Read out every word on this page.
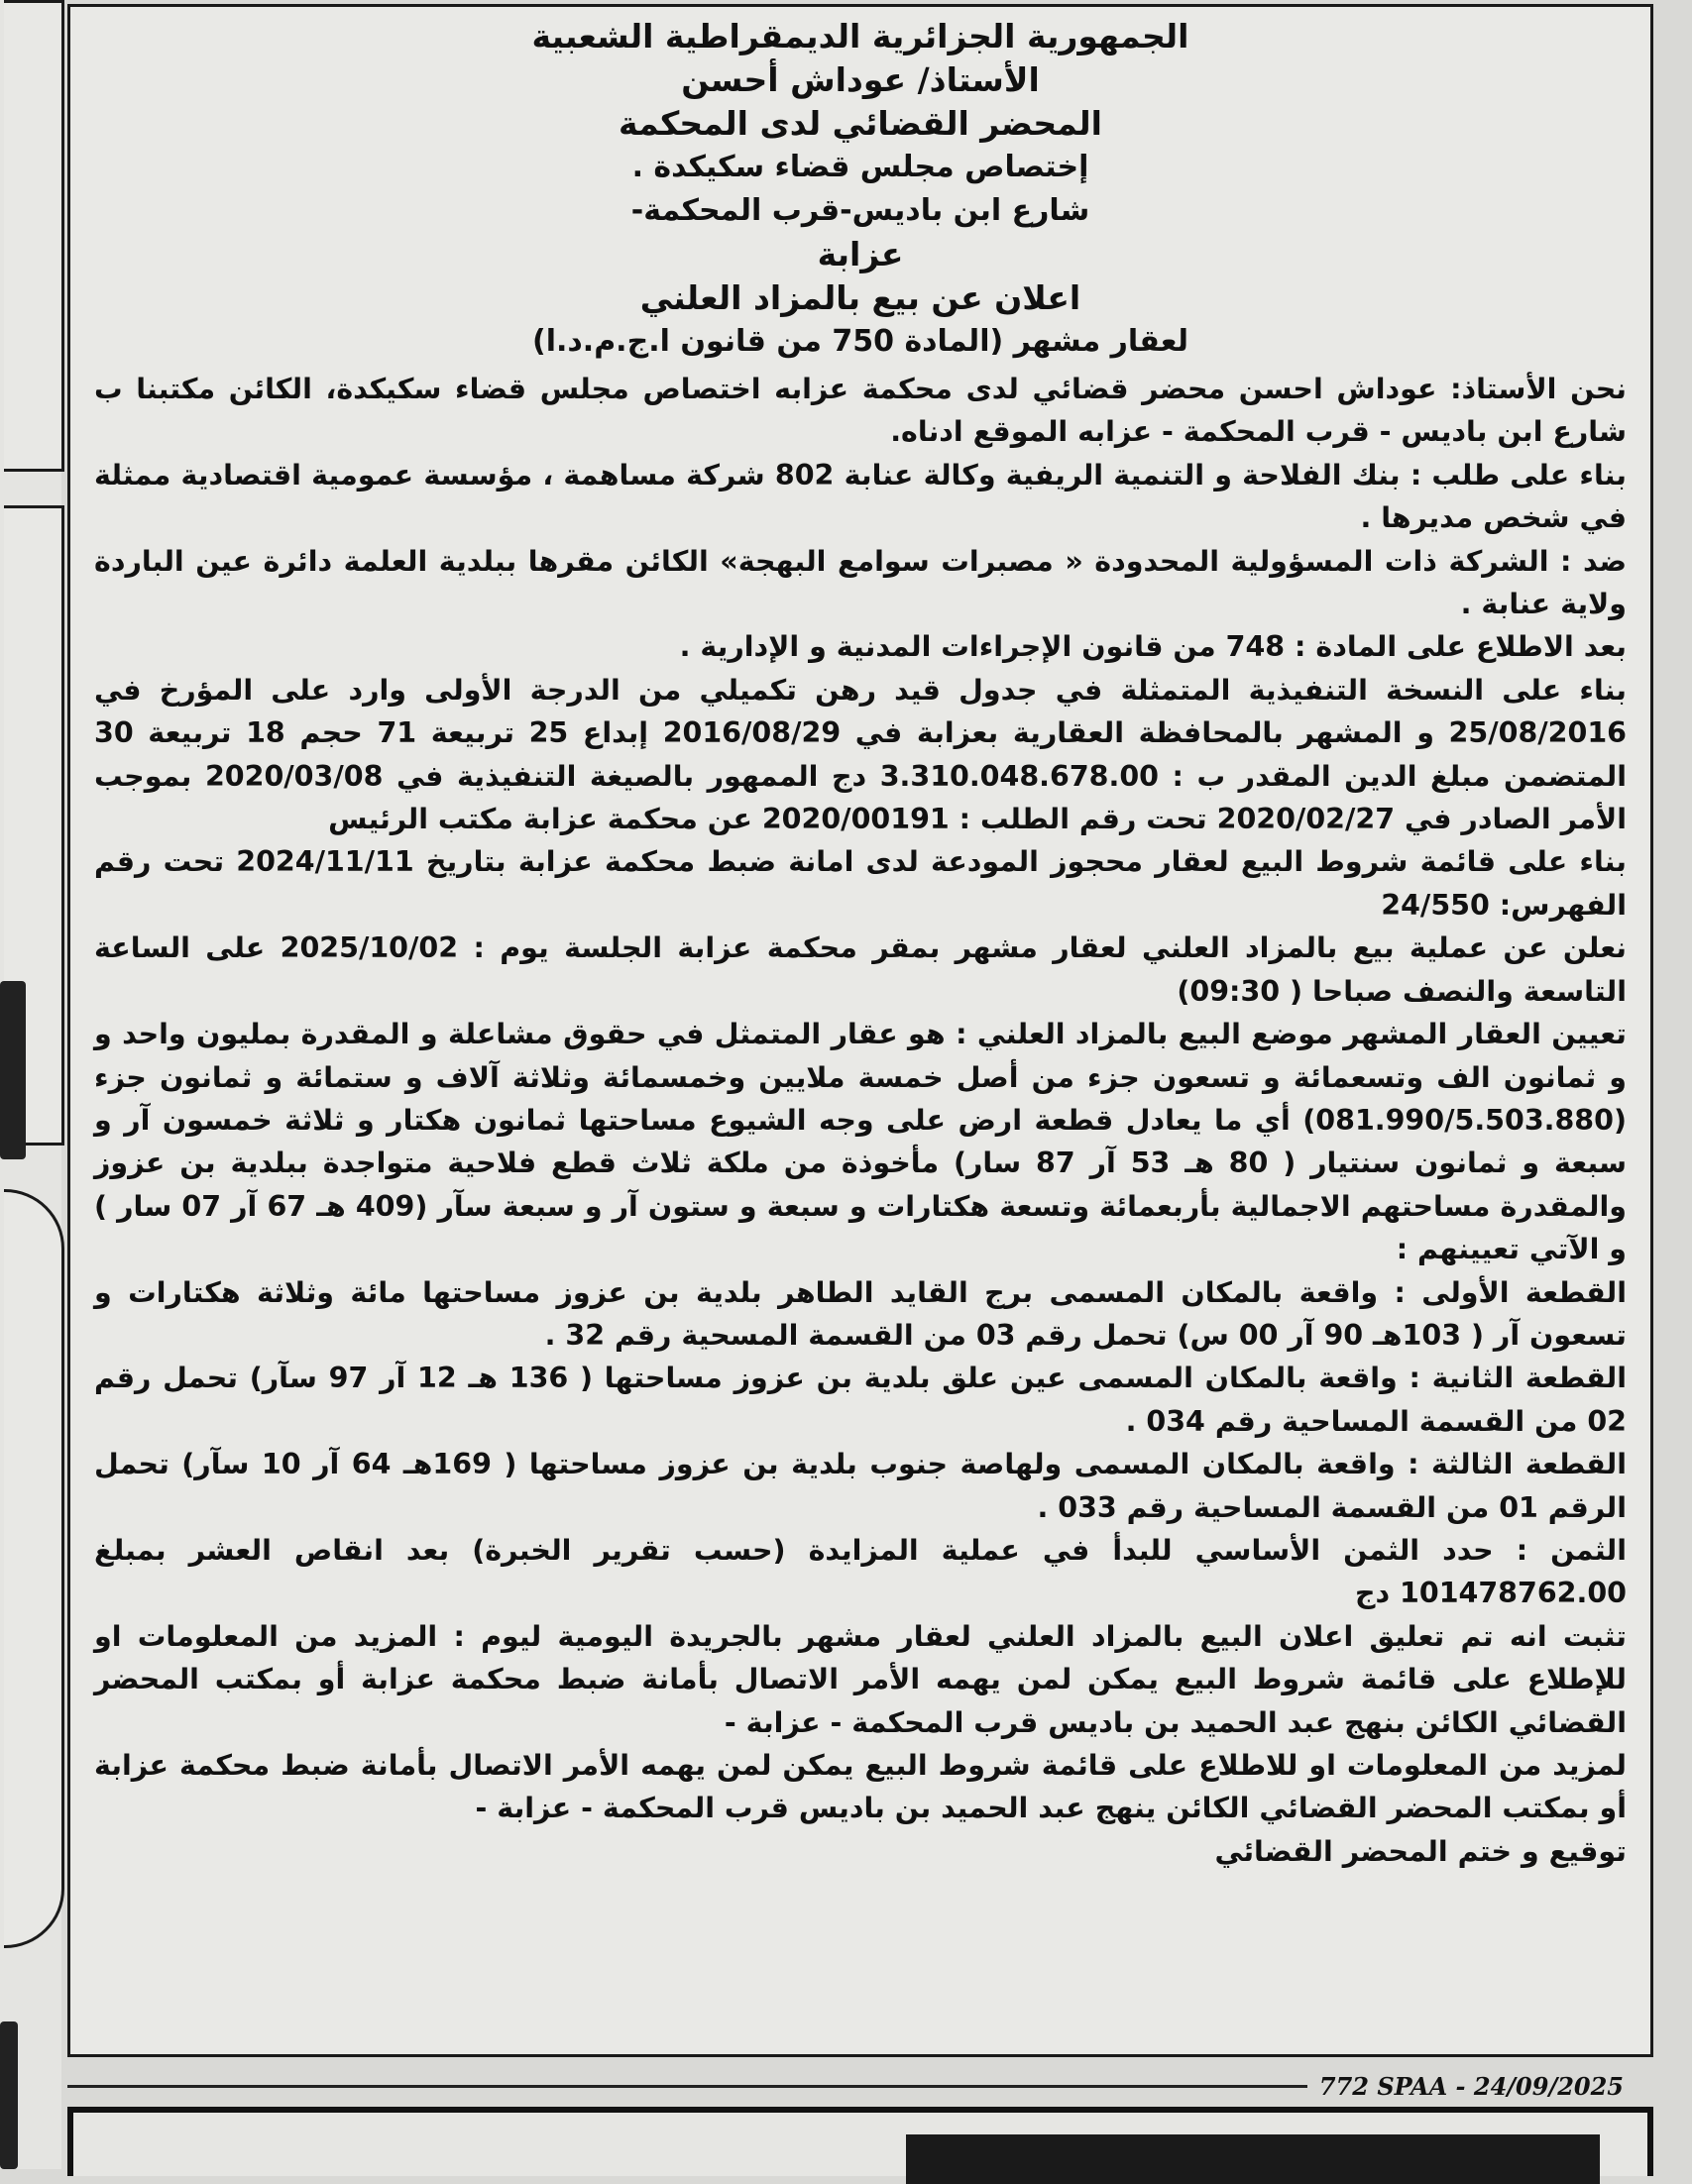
الجمهورية الجزائرية الديمقراطية الشعبية

الأستاذ/ عوداش أحسن

المحضر القضائي لدى المحكمة

إختصاص مجلس قضاء سكيكدة .

شارع ابن باديس-قرب المحكمة-

عزابة

اعلان عن بيع بالمزاد العلني

لعقار مشهر (المادة 750 من قانون ا.ج.م.د.ا)

نحن الأستاذ: عوداش احسن محضر قضائي لدى محكمة عزابه اختصاص مجلس قضاء سكيكدة، الكائن مكتبنا ب شارع ابن باديس - قرب المحكمة - عزابه الموقع ادناه.

بناء على طلب : بنك الفلاحة و التنمية الريفية وكالة عنابة 802 شركة مساهمة ، مؤسسة عمومية اقتصادية ممثلة في شخص مديرها .

ضد : الشركة ذات المسؤولية المحدودة « مصبرات سوامع البهجة» الكائن مقرها ببلدية العلمة دائرة عين الباردة ولاية عنابة .

بعد الاطلاع على المادة : 748 من قانون الإجراءات المدنية و الإدارية .

بناء على النسخة التنفيذية المتمثلة في جدول قيد رهن تكميلي من الدرجة الأولى وارد على المؤرخ في 25/08/2016 و المشهر بالمحافظة العقارية بعزابة في 2016/08/29 إبداع 25 تربيعة 71 حجم 18 تربيعة 30 المتضمن مبلغ الدين المقدر ب : 3.310.048.678.00 دج الممهور بالصيغة التنفيذية في 2020/03/08 بموجب الأمر الصادر في 2020/02/27 تحت رقم الطلب : 2020/00191 عن محكمة عزابة مكتب الرئيس

بناء على قائمة شروط البيع لعقار محجوز المودعة لدى امانة ضبط محكمة عزابة بتاريخ 2024/11/11 تحت رقم الفهرس: 24/550

نعلن عن عملية بيع بالمزاد العلني لعقار مشهر بمقر محكمة عزابة الجلسة يوم : 2025/10/02 على الساعة التاسعة والنصف صباحا ( 09:30)

تعيين العقار المشهر موضع البيع بالمزاد العلني : هو عقار المتمثل في حقوق مشاعلة و المقدرة بمليون واحد و و ثمانون الف وتسعمائة و تسعون جزء من أصل خمسة ملايين وخمسمائة وثلاثة آلاف و ستمائة و ثمانون جزء (081.990/5.503.880) أي ما يعادل قطعة ارض على وجه الشيوع مساحتها ثمانون هكتار و ثلاثة خمسون آر و سبعة و ثمانون سنتيار ( 80 هـ 53 آر 87 سار) مأخوذة من ملكة ثلاث قطع فلاحية متواجدة ببلدية بن عزوز والمقدرة مساحتهم الاجمالية بأربعمائة وتسعة هكتارات و سبعة و ستون آر و سبعة سآر (409 هـ 67 آر 07 سار ) و الآتي تعيينهم :

القطعة الأولى : واقعة بالمكان المسمى برج القايد الطاهر بلدية بن عزوز مساحتها مائة وثلاثة هكتارات و تسعون آر ( 103هـ 90 آر 00 س) تحمل رقم 03 من القسمة المسحية رقم 32 .

القطعة الثانية : واقعة بالمكان المسمى عين علق بلدية بن عزوز مساحتها ( 136 هـ 12 آر 97 سآر) تحمل رقم 02 من القسمة المساحية رقم 034 .

القطعة الثالثة : واقعة بالمكان المسمى ولهاصة جنوب بلدية بن عزوز مساحتها ( 169هـ 64 آر 10 سآر) تحمل الرقم 01 من القسمة المساحية رقم 033 .

الثمن : حدد الثمن الأساسي للبدأ في عملية المزايدة (حسب تقرير الخبرة) بعد انقاص العشر بمبلغ 101478762.00 دج

تثبت انه تم تعليق اعلان البيع بالمزاد العلني لعقار مشهر بالجريدة اليومية ليوم : المزيد من المعلومات او للإطلاع على قائمة شروط البيع يمكن لمن يهمه الأمر الاتصال بأمانة ضبط محكمة عزابة أو بمكتب المحضر القضائي الكائن بنهج عبد الحميد بن باديس قرب المحكمة - عزابة -

لمزيد من المعلومات او للاطلاع على قائمة شروط البيع يمكن لمن يهمه الأمر الاتصال بأمانة ضبط محكمة عزابة أو بمكتب المحضر القضائي الكائن ينهج عبد الحميد بن باديس قرب المحكمة - عزابة -

توقيع و ختم المحضر القضائي

772 SPAA - 24/09/2025
